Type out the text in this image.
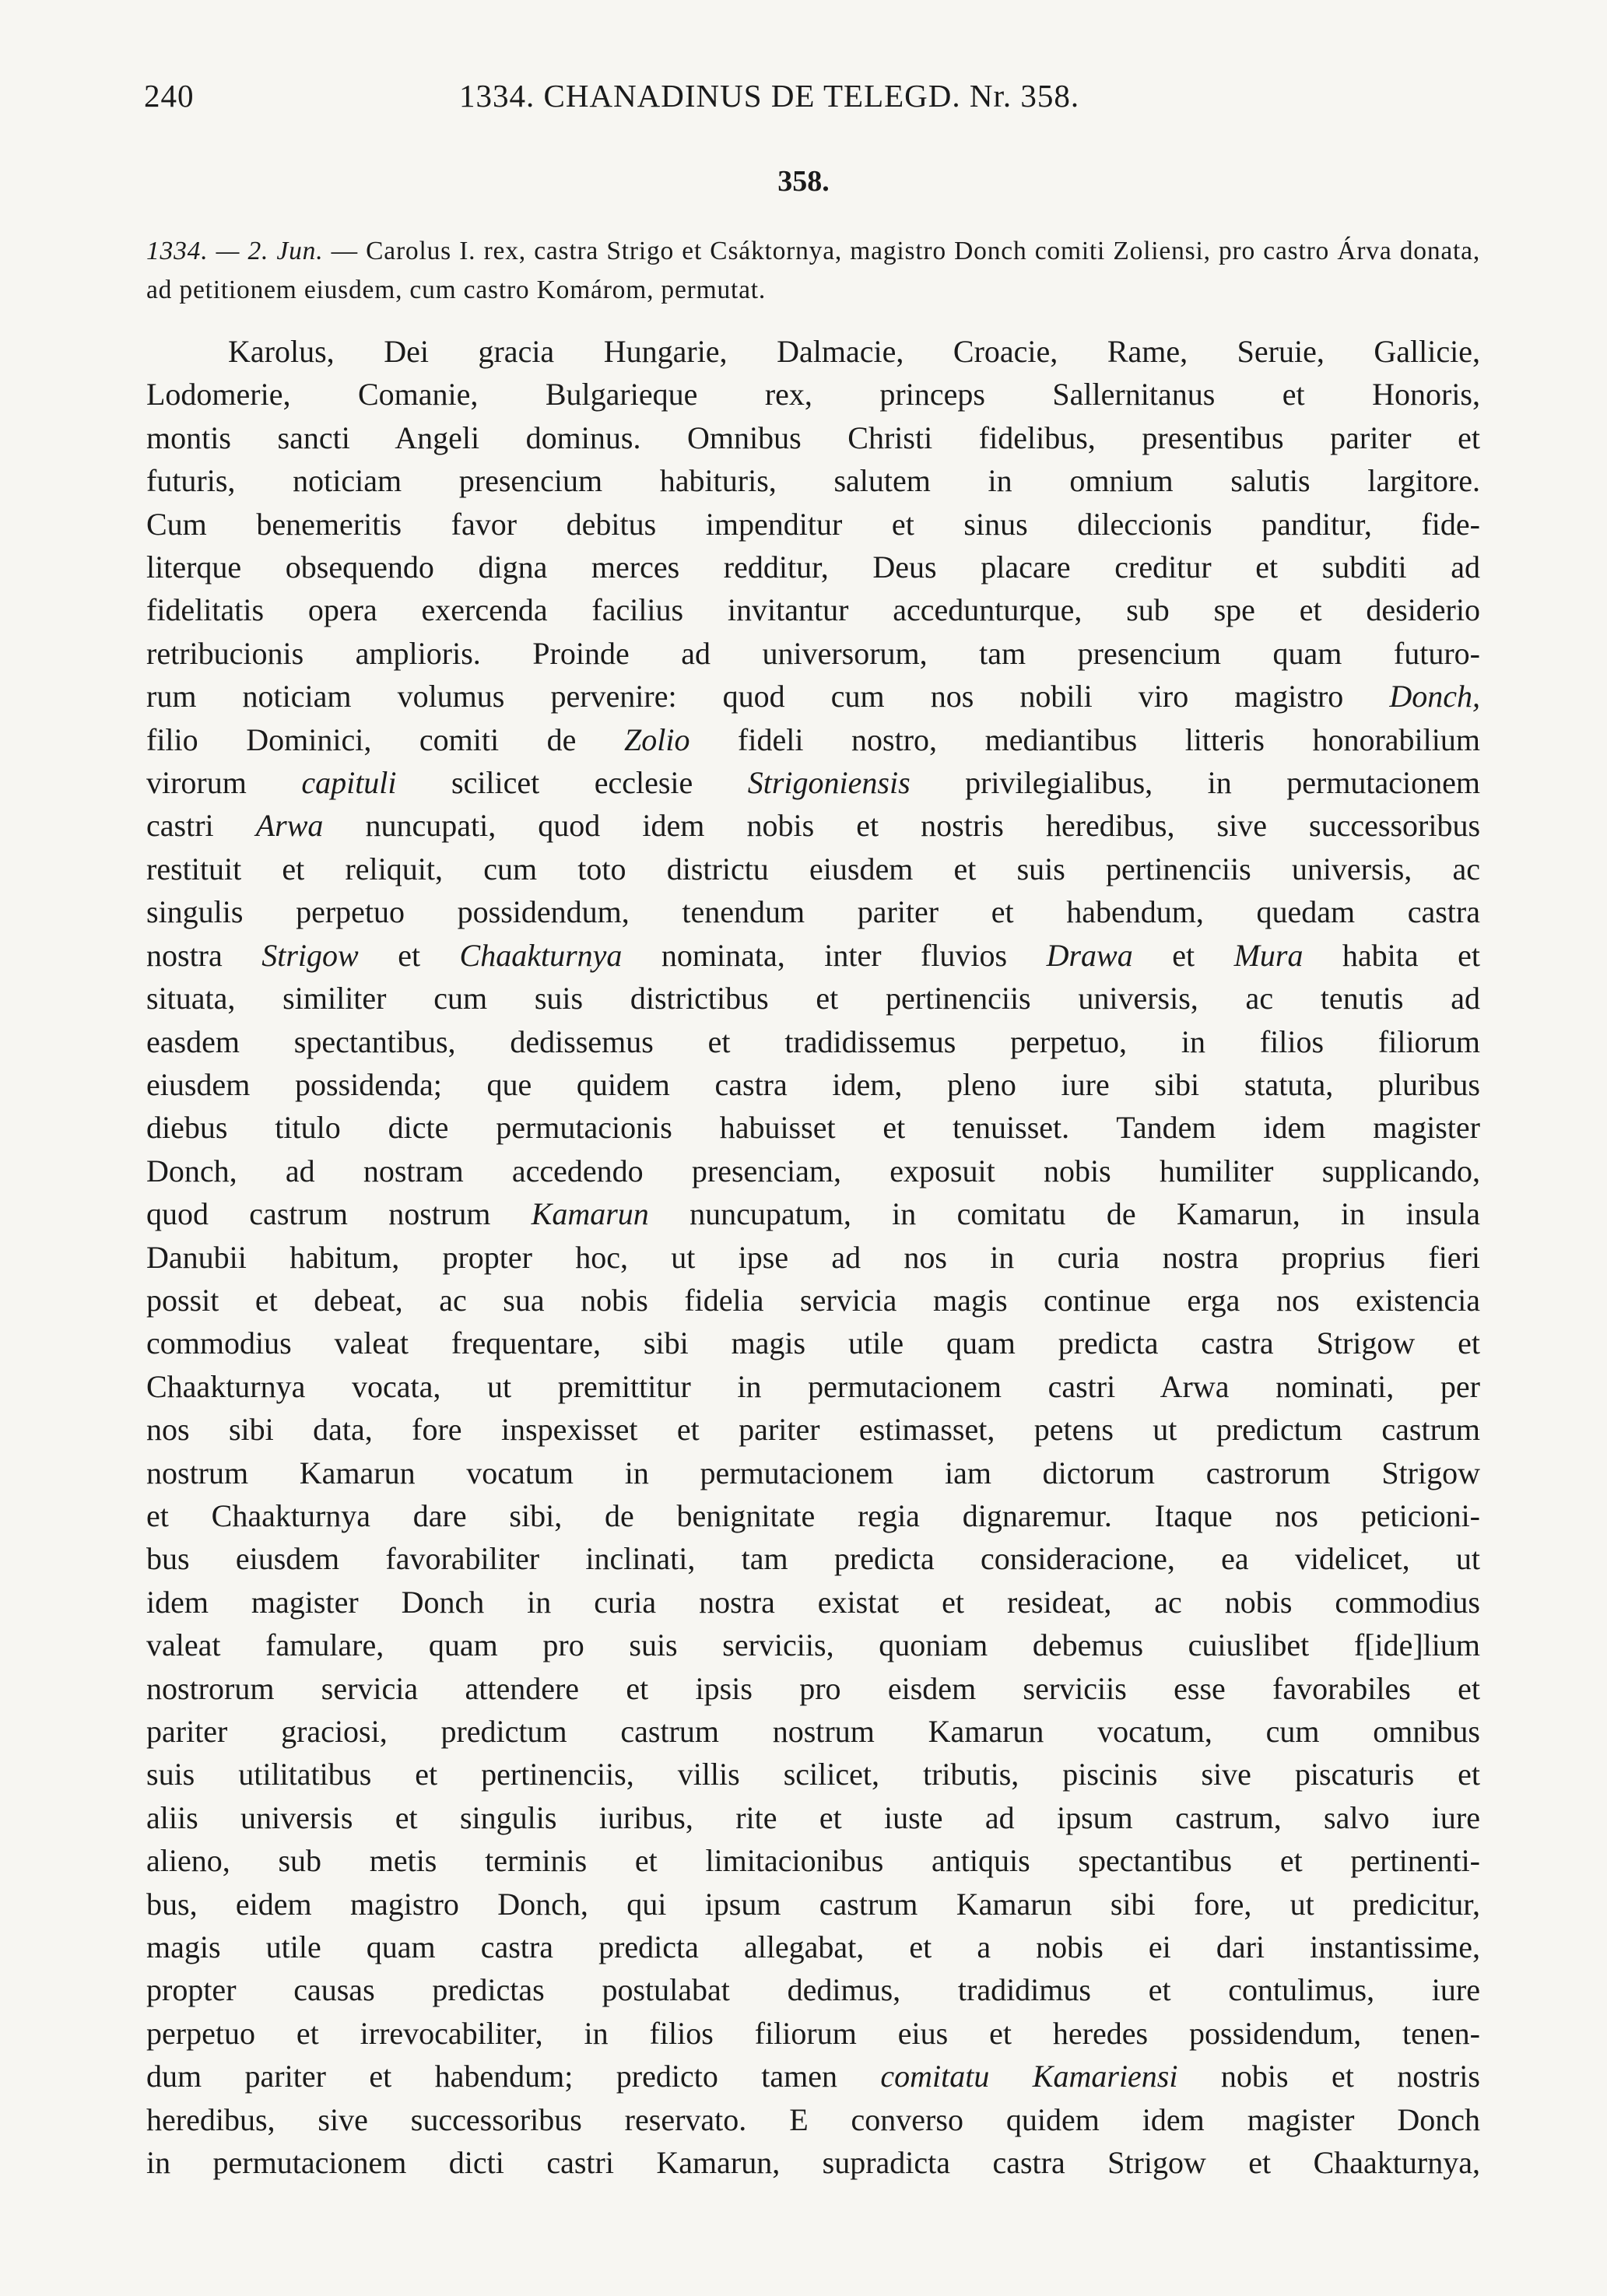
240	1334. CHANADINUS DE TELEGD. Nr. 358.
358.
1334. — 2. Jun. — Carolus I. rex, castra Strigo et Csáktornya, magistro Donch comiti Zoliensi, pro castro Árva donata, ad petitionem eiusdem, cum castro Komárom, permutat.
Karolus, Dei gracia Hungarie, Dalmacie, Croacie, Rame, Seruie, Gallicie,
Lodomerie, Comanie, Bulgarieque rex, princeps Sallernitanus et Honoris,
montis sancti Angeli dominus. Omnibus Christi fidelibus, presentibus pariter et
futuris, noticiam presencium habituris, salutem in omnium salutis largitore.
Cum benemeritis favor debitus impenditur et sinus dileccionis panditur, fide-
literque obsequendo digna merces redditur, Deus placare creditur et subditi ad
fidelitatis opera exercenda facilius invitantur accedunturque, sub spe et desiderio
retribucionis amplioris. Proinde ad universorum, tam presencium quam futuro-
rum noticiam volumus pervenire: quod cum nos nobili viro magistro Donch,
filio Dominici, comiti de Zolio fideli nostro, mediantibus litteris honorabilium
virorum capituli scilicet ecclesie Strigoniensis privilegialibus, in permutacionem
castri Arwa nuncupati, quod idem nobis et nostris heredibus, sive successoribus
restituit et reliquit, cum toto districtu eiusdem et suis pertinenciis universis, ac
singulis perpetuo possidendum, tenendum pariter et habendum, quedam castra
nostra Strigow et Chaakturnya nominata, inter fluvios Drawa et Mura habita et
situata, similiter cum suis districtibus et pertinenciis universis, ac tenutis ad
easdem spectantibus, dedissemus et tradidissemus perpetuo, in filios filiorum
eiusdem possidenda; que quidem castra idem, pleno iure sibi statuta, pluribus
diebus titulo dicte permutacionis habuisset et tenuisset. Tandem idem magister
Donch, ad nostram accedendo presenciam, exposuit nobis humiliter supplicando,
quod castrum nostrum Kamarun nuncupatum, in comitatu de Kamarun, in insula
Danubii habitum, propter hoc, ut ipse ad nos in curia nostra proprius fieri
possit et debeat, ac sua nobis fidelia servicia magis continue erga nos existencia
commodius valeat frequentare, sibi magis utile quam predicta castra Strigow et
Chaakturnya vocata, ut premittitur in permutacionem castri Arwa nominati, per
nos sibi data, fore inspexisset et pariter estimasset, petens ut predictum castrum
nostrum Kamarun vocatum in permutacionem iam dictorum castrorum Strigow
et Chaakturnya dare sibi, de benignitate regia dignaremur. Itaque nos peticioni-
bus eiusdem favorabiliter inclinati, tam predicta consideracione, ea videlicet, ut
idem magister Donch in curia nostra existat et resideat, ac nobis commodius
valeat famulare, quam pro suis serviciis, quoniam debemus cuiuslibet f[ide]lium
nostrorum servicia attendere et ipsis pro eisdem serviciis esse favorabiles et
pariter graciosi, predictum castrum nostrum Kamarun vocatum, cum omnibus
suis utilitatibus et pertinenciis, villis scilicet, tributis, piscinis sive piscaturis et
aliis universis et singulis iuribus, rite et iuste ad ipsum castrum, salvo iure
alieno, sub metis terminis et limitacionibus antiquis spectantibus et pertinenti-
bus, eidem magistro Donch, qui ipsum castrum Kamarun sibi fore, ut predicitur,
magis utile quam castra predicta allegabat, et a nobis ei dari instantissime,
propter causas predictas postulabat dedimus, tradidimus et contulimus, iure
perpetuo et irrevocabiliter, in filios filiorum eius et heredes possidendum, tenen-
dum pariter et habendum; predicto tamen comitatu Kamariensi nobis et nostris
heredibus, sive successoribus reservato. E converso quidem idem magister Donch
in permutacionem dicti castri Kamarun, supradicta castra Strigow et Chaakturnya,
